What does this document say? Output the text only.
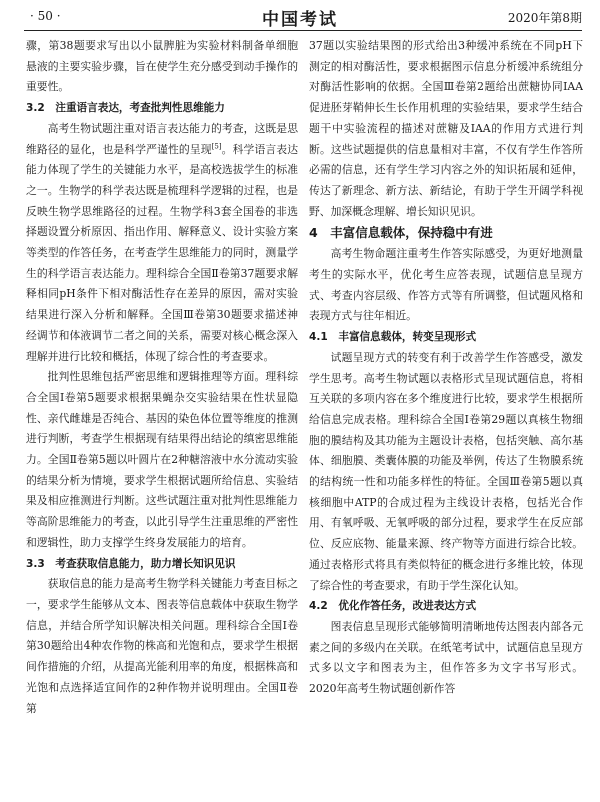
· 50 ·	中国考试	2020年第8期

骤，第38题要求写出以小鼠脾脏为实验材料制备单细胞悬液的主要实验步骤，旨在使学生充分感受到动手操作的重要性。

3.2　注重语言表达，考查批判性思维能力

高考生物试题注重对语言表达能力的考查，这既是思维路径的显化，也是科学严谨性的呈现[5]。科学语言表达能力体现了学生的关键能力水平，是高校选拔学生的标准之一。生物学的科学表达既是梳理科学逻辑的过程，也是反映生物学思维路径的过程。生物学科3套全国卷的非选择题设置分析原因、指出作用、解释意义、设计实验方案等类型的作答任务，在考查学生思维能力的同时，测量学生的科学语言表达能力。理科综合全国Ⅱ卷第37题要求解释相同pH条件下相对酶活性存在差异的原因，需对实验结果进行深入分析和解释。全国Ⅲ卷第30题要求描述神经调节和体液调节二者之间的关系，需要对核心概念深入理解并进行比较和概括，体现了综合性的考查要求。

批判性思维包括严密思维和逻辑推理等方面。理科综合全国Ⅰ卷第5题要求根据果蝇杂交实验结果在性状显隐性、亲代雌雄是否纯合、基因的染色体位置等维度的推测进行判断，考查学生根据现有结果得出结论的缜密思维能力。全国Ⅱ卷第5题以叶圆片在2种糖溶液中水分流动实验的结果分析为情境，要求学生根据试题所给信息、实验结果及相应推测进行判断。这些试题注重对批判性思维能力等高阶思维能力的考查，以此引导学生注重思维的严密性和逻辑性，助力支撑学生终身发展能力的培育。

3.3　考查获取信息能力，助力增长知识见识

获取信息的能力是高考生物学科关键能力考查目标之一，要求学生能够从文本、图表等信息载体中获取生物学信息，并结合所学知识解决相关问题。理科综合全国Ⅰ卷第30题给出4种农作物的株高和光饱和点，要求学生根据间作措施的介绍，从提高光能利用率的角度，根据株高和光饱和点选择适宜间作的2种作物并说明理由。全国Ⅱ卷第

37题以实验结果图的形式给出3种缓冲系统在不同pH下测定的相对酶活性，要求根据图示信息分析缓冲系统组分对酶活性影响的依据。全国Ⅲ卷第2题给出蔗糖协同IAA促进胚芽鞘伸长生长作用机理的实验结果，要求学生结合题干中实验流程的描述对蔗糖及IAA的作用方式进行判断。这些试题提供的信息量相对丰富，不仅有学生作答所必需的信息，还有学生学习内容之外的知识拓展和延伸，传达了新理念、新方法、新结论，有助于学生开阔学科视野、加深概念理解、增长知识见识。

4　丰富信息载体，保持稳中有进

高考生物命题注重考生作答实际感受，为更好地测量考生的实际水平，优化考生应答表现，试题信息呈现方式、考查内容层级、作答方式等有所调整，但试题风格和表现方式与往年相近。

4.1　丰富信息载体，转变呈现形式

试题呈现方式的转变有利于改善学生作答感受，激发学生思考。高考生物试题以表格形式呈现试题信息，将相互关联的多项内容在多个维度进行比较，要求学生根据所给信息完成表格。理科综合全国Ⅰ卷第29题以真核生物细胞的膜结构及其功能为主题设计表格，包括突触、高尔基体、细胞膜、类囊体膜的功能及举例，传达了生物膜系统的结构统一性和功能多样性的特征。全国Ⅲ卷第5题以真核细胞中ATP的合成过程为主线设计表格，包括光合作用、有氧呼吸、无氧呼吸的部分过程，要求学生在反应部位、反应底物、能量来源、终产物等方面进行综合比较。通过表格形式将具有类似特征的概念进行多维比较，体现了综合性的考查要求，有助于学生深化认知。

4.2　优化作答任务，改进表达方式

图表信息呈现形式能够简明清晰地传达图表内部各元素之间的多级内在关联。在纸笔考试中，试题信息呈现方式多以文字和图表为主，但作答多为文字书写形式。2020年高考生物试题创新作答
